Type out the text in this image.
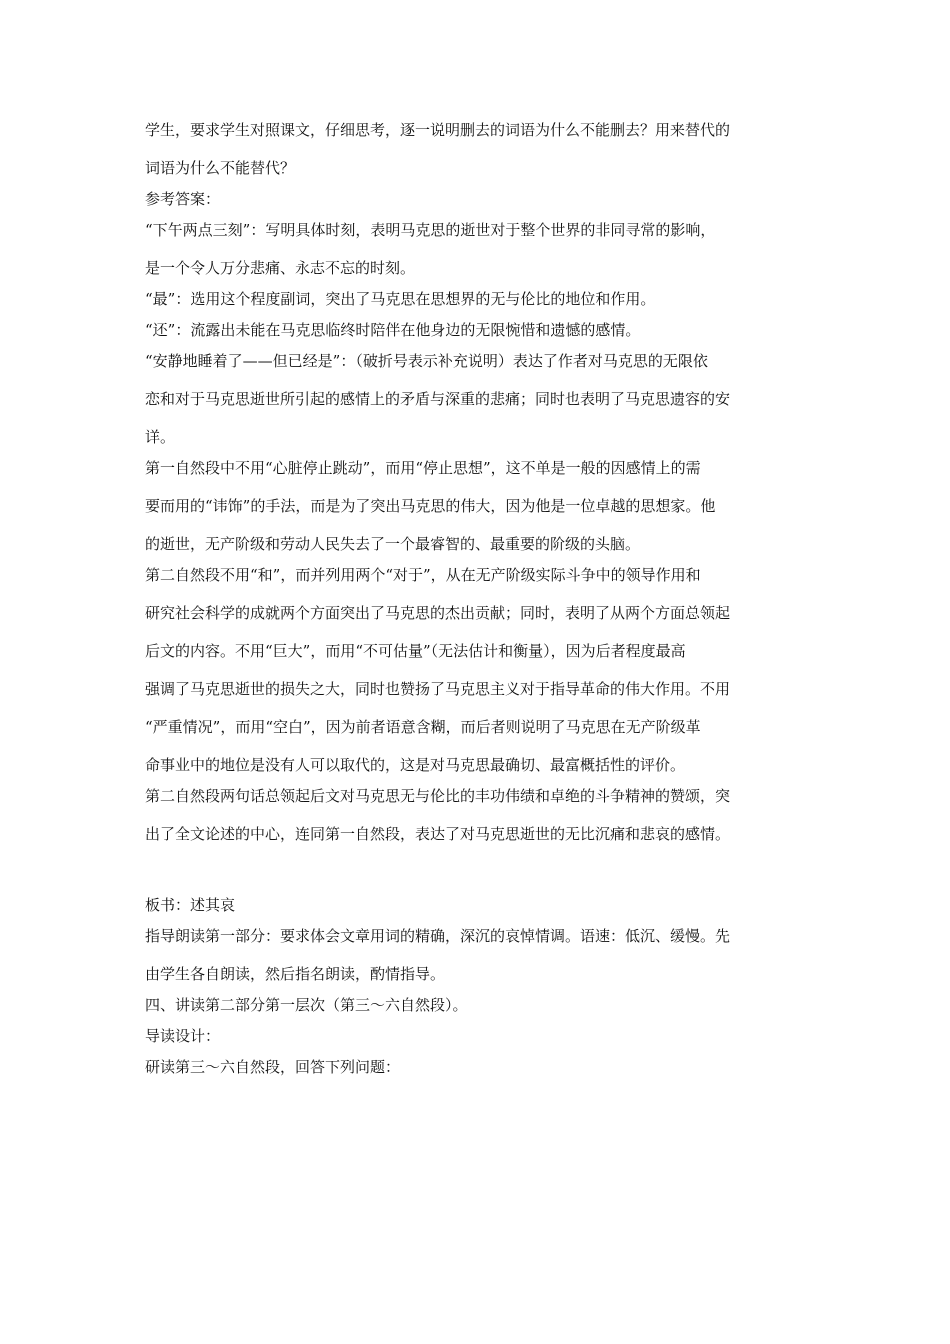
学生，要求学生对照课文，仔细思考，逐一说明删去的词语为什么不能删去？用来替代的
词语为什么不能替代？
参考答案：
“下午两点三刻”：写明具体时刻，表明马克思的逝世对于整个世界的非同寻常的影响，
是一个令人万分悲痛、永志不忘的时刻。
“最”：选用这个程度副词，突出了马克思在思想界的无与伦比的地位和作用。
“还”：流露出未能在马克思临终时陪伴在他身边的无限惋惜和遗憾的感情。
“安静地睡着了——但已经是”：（破折号表示补充说明）表达了作者对马克思的无限依
恋和对于马克思逝世所引起的感情上的矛盾与深重的悲痛；同时也表明了马克思遗容的安
详。
第一自然段中不用“心脏停止跳动”，而用“停止思想”，这不单是一般的因感情上的需
要而用的“讳饰”的手法，而是为了突出马克思的伟大，因为他是一位卓越的思想家。他
的逝世，无产阶级和劳动人民失去了一个最睿智的、最重要的阶级的头脑。
第二自然段不用“和”，而并列用两个“对于”，从在无产阶级实际斗争中的领导作用和
研究社会科学的成就两个方面突出了马克思的杰出贡献；同时，表明了从两个方面总领起
后文的内容。不用“巨大”，而用“不可估量”（无法估计和衡量），因为后者程度最高
强调了马克思逝世的损失之大，同时也赞扬了马克思主义对于指导革命的伟大作用。不用
“严重情况”，而用“空白”，因为前者语意含糊，而后者则说明了马克思在无产阶级革
命事业中的地位是没有人可以取代的，这是对马克思最确切、最富概括性的评价。
第二自然段两句话总领起后文对马克思无与伦比的丰功伟绩和卓绝的斗争精神的赞颂，突
出了全文论述的中心，连同第一自然段，表达了对马克思逝世的无比沉痛和悲哀的感情。
板书：述其哀
指导朗读第一部分：要求体会文章用词的精确，深沉的哀悼情调。语速：低沉、缓慢。先
由学生各自朗读，然后指名朗读，酌情指导。
四、讲读第二部分第一层次（第三～六自然段）。
导读设计：
研读第三～六自然段，回答下列问题：
